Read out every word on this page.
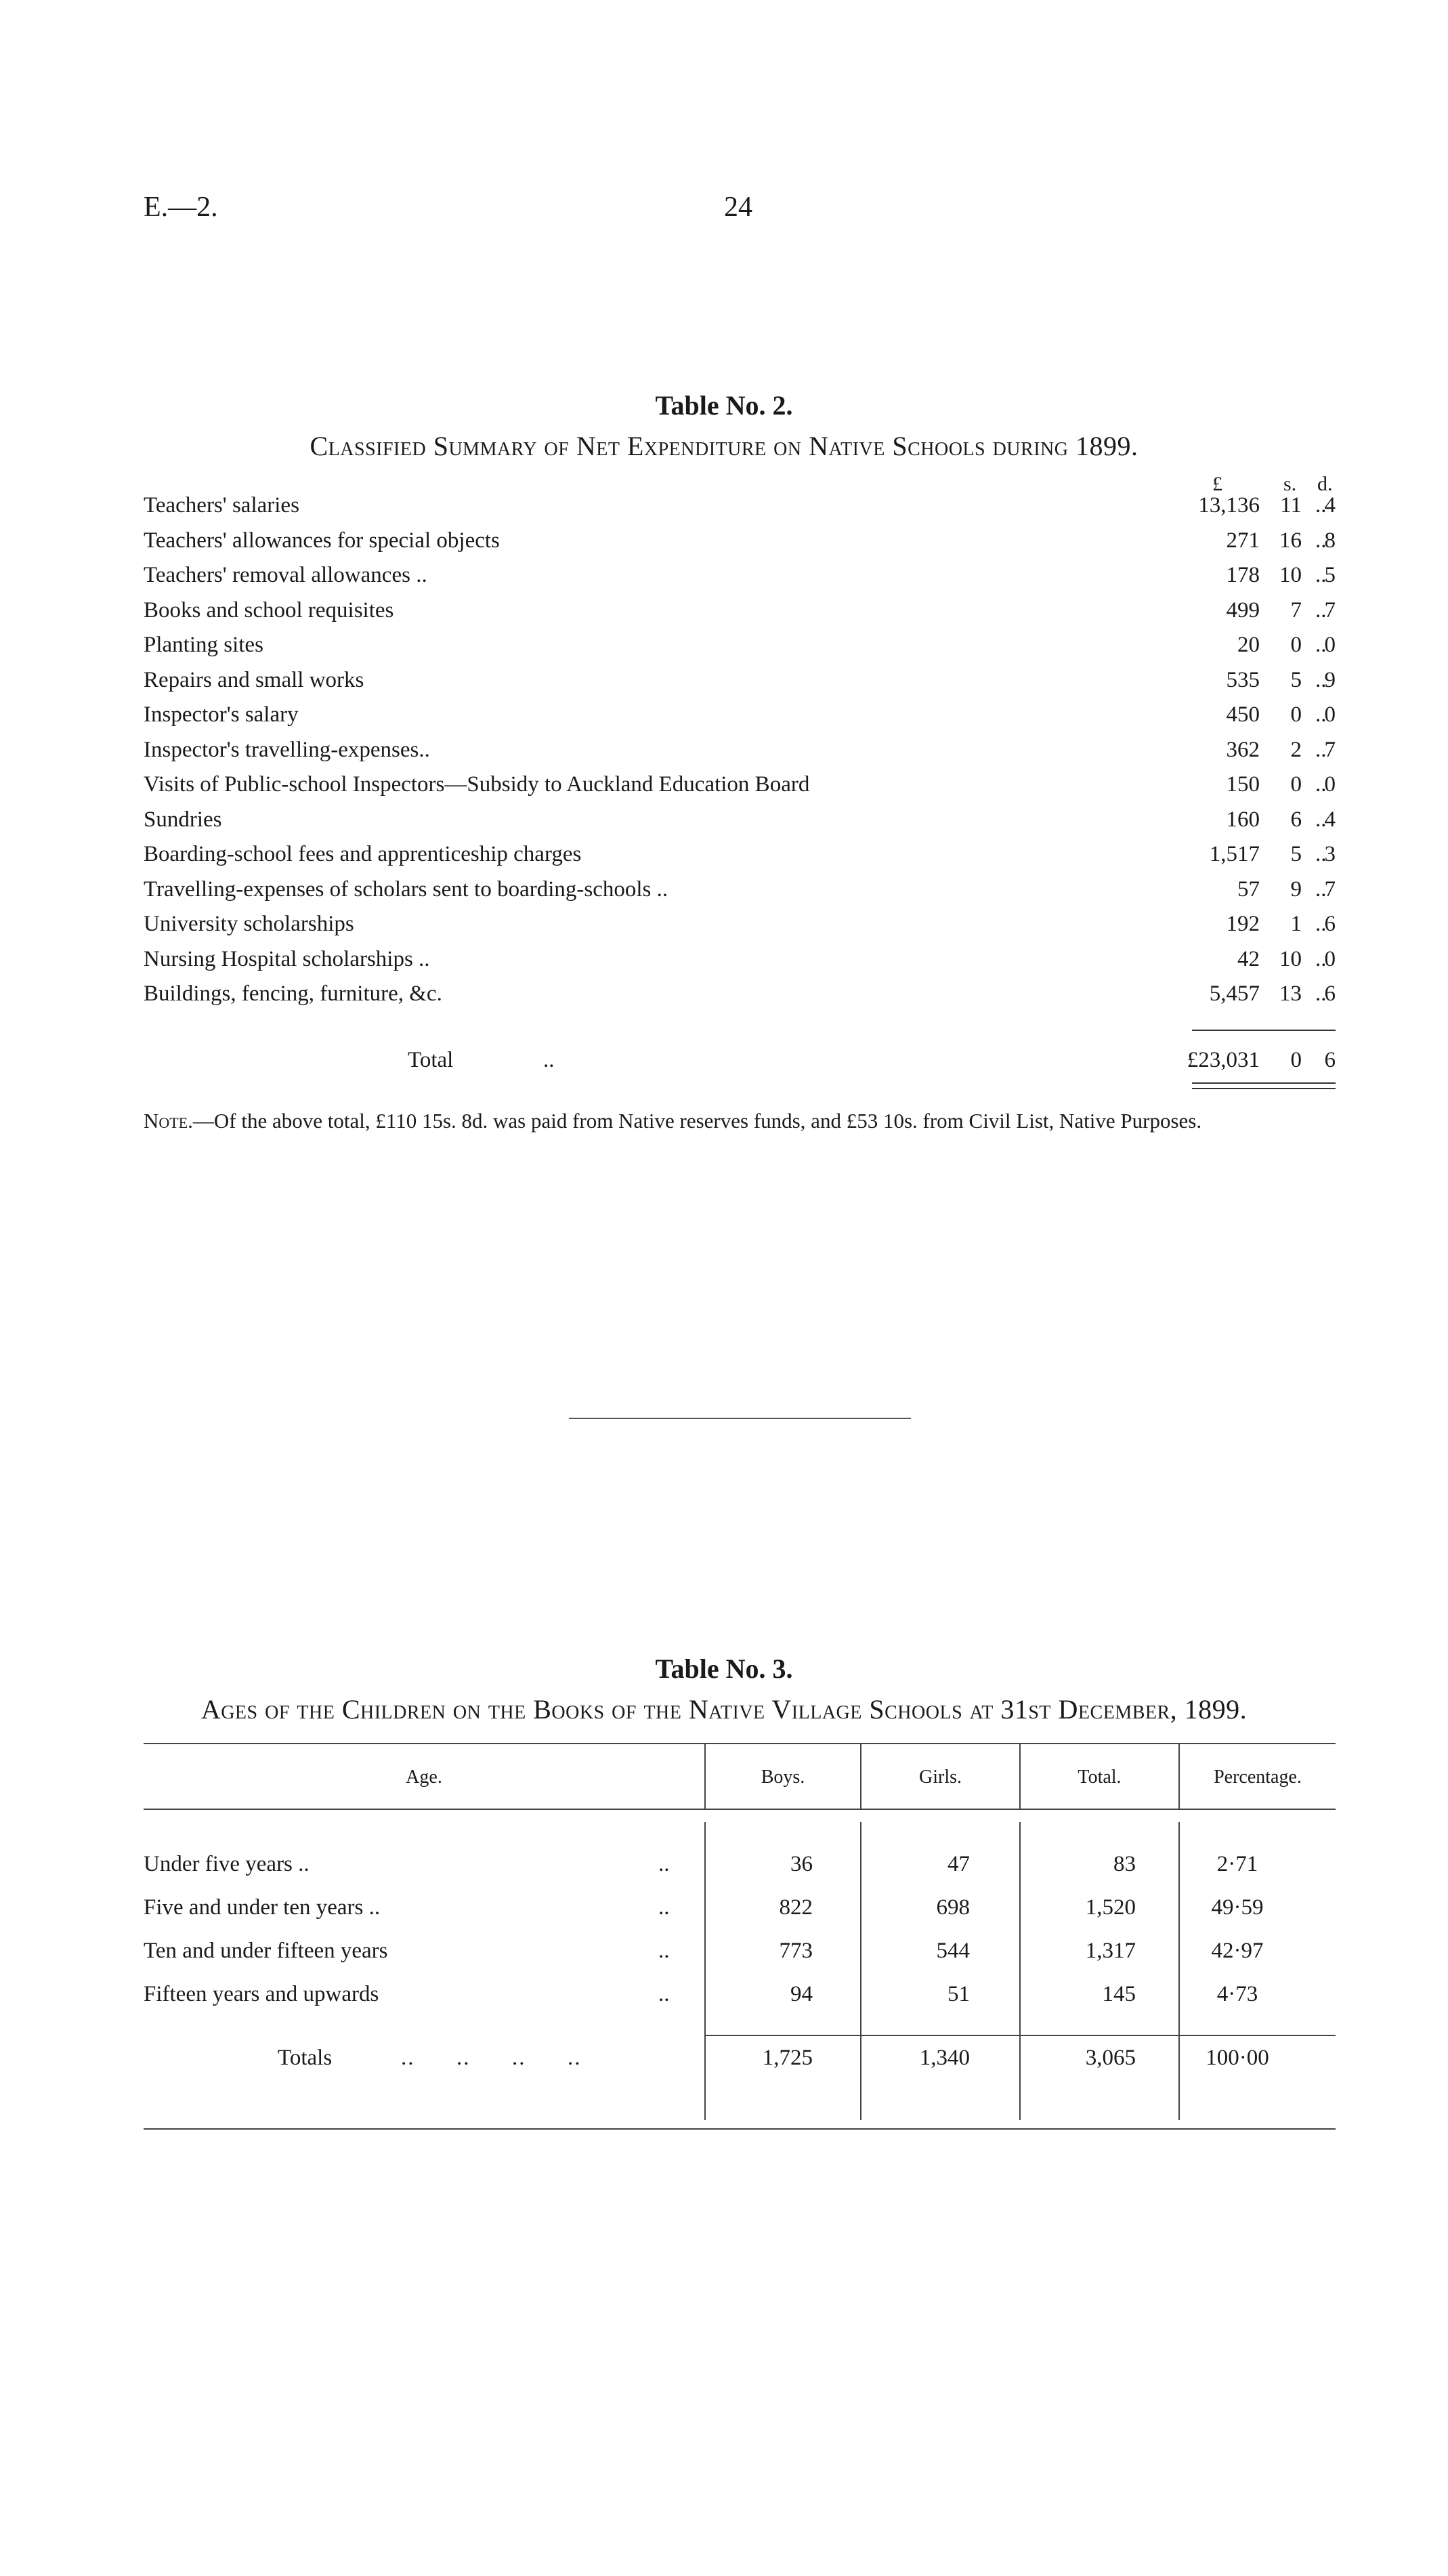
E.—2.	24
Table No. 2.
Classified Summary of Net Expenditure on Native Schools during 1899.
£	s. d.
Teachers' salaries	13,136 11 4
..
Teachers' allowances for special objects	271 16 8
..
Teachers' removal allowances ..	178 10 5
..
Books and school requisites	499 7 7
..
Planting sites	20 0 0
..
Repairs and small works	535 5 9
..
Inspector's salary	450 0 0
..
Inspector's travelling-expenses..	362 2 7
..
Visits of Public-school Inspectors—Subsidy to Auckland Education Board	150 0 0
..
Sundries	160 6 4
..
Boarding-school fees and apprenticeship charges	1,517 5 3
..
Travelling-expenses of scholars sent to boarding-schools ..	57 9 7
..
University scholarships	192 1 6
..
Nursing Hospital scholarships ..	42 10 0
..
Buildings, fencing, furniture, &c.	5,457 13 6
..
Total	..	£23,031 0 6
Note.—Of the above total, £110 15s. 8d. was paid from Native reserves funds, and £53 10s. from Civil List, Native Purposes.
Table No. 3.
Ages of the Children on the Books of the Native Village Schools at 31st December, 1899.
Age.	Boys.	Girls.	Total.	Percentage.
Under five years ..	36	47	83	2·71
..
Five and under ten years ..	822	698	1,520	49·59
..
Ten and under fifteen years	773	544	1,317	42·97
..
Fifteen years and upwards	94	51	145	4·73
..
Totals	..      ..      ..      ..	1,725	1,340	3,065	100·00
